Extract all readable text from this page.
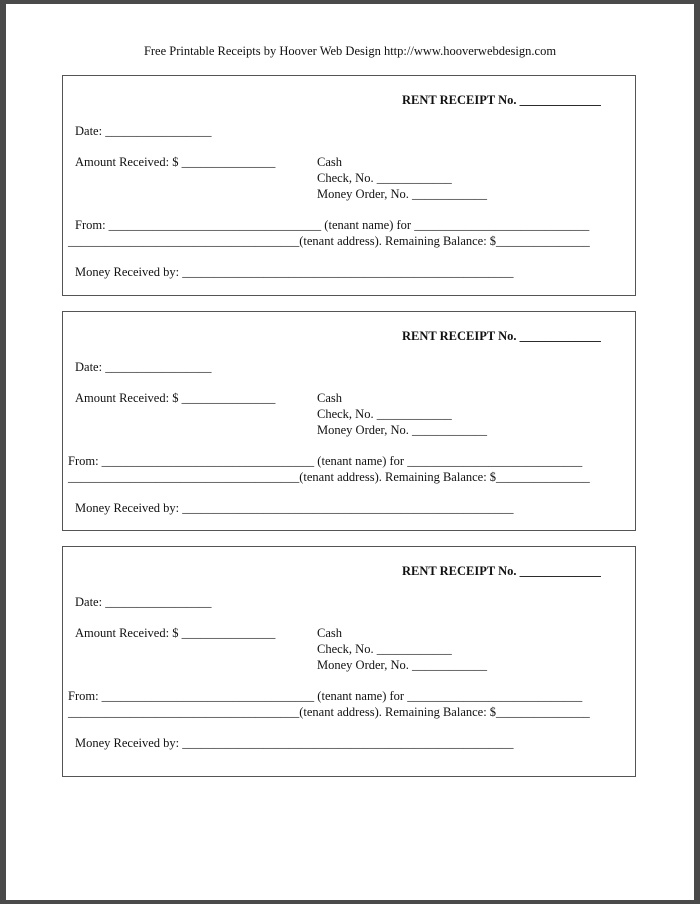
Free Printable Receipts by Hoover Web Design http://www.hooverwebdesign.com
RENT RECEIPT No. _____________
Date: _________________
Amount Received: $ _______________	Cash
Check, No. ____________
Money Order, No. ____________
From: __________________________________ (tenant name) for ____________________________
_____________________________________(tenant address). Remaining Balance: $_______________
Money Received by: _____________________________________________________
RENT RECEIPT No. _____________
Date: _________________
Amount Received: $ _______________	Cash
Check, No. ____________
Money Order, No. ____________
From: __________________________________ (tenant name) for ____________________________
_____________________________________(tenant address). Remaining Balance: $_______________
Money Received by: _____________________________________________________
RENT RECEIPT No. _____________
Date: _________________
Amount Received: $ _______________	Cash
Check, No. ____________
Money Order, No. ____________
From: __________________________________ (tenant name) for ____________________________
_____________________________________(tenant address). Remaining Balance: $_______________
Money Received by: _____________________________________________________
